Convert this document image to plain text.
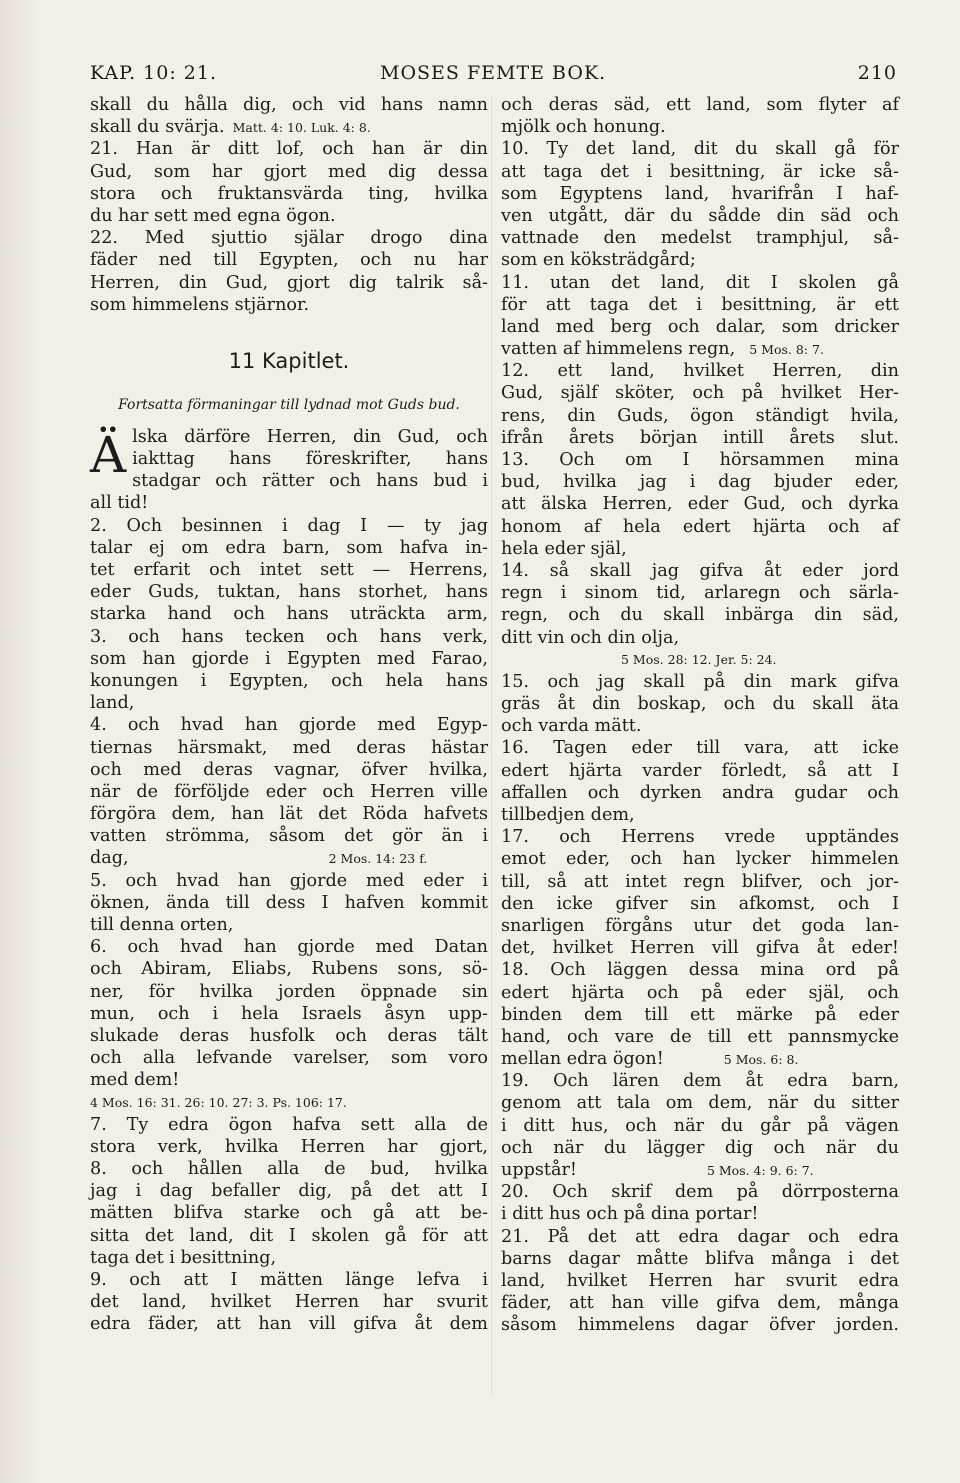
KAP. 10: 21.	MOSES FEMTE BOK.	210
skall du hålla dig, och vid hans namn
skall du svärja. Matt. 4: 10. Luk. 4: 8.
21. Han är ditt lof, och han är din
Gud, som har gjort med dig dessa
stora och fruktansvärda ting, hvilka
du har sett med egna ögon.
22. Med sjuttio själar drogo dina
fäder ned till Egypten, och nu har
Herren, din Gud, gjort dig talrik så-
som himmelens stjärnor.
11 Kapitlet.
Fortsatta förmaningar till lydnad mot Guds bud.
Ä lska därföre Herren, din Gud, och
iakttag hans föreskrifter, hans
stadgar och rätter och hans bud i
all tid!
2. Och besinnen i dag I — ty jag
talar ej om edra barn, som hafva in-
tet erfarit och intet sett — Herrens,
eder Guds, tuktan, hans storhet, hans
starka hand och hans uträckta arm,
3. och hans tecken och hans verk,
som han gjorde i Egypten med Farao,
konungen i Egypten, och hela hans
land,
4. och hvad han gjorde med Egyp-
tiernas härsmakt, med deras hästar
och med deras vagnar, öfver hvilka,
när de förföljde eder och Herren ville
förgöra dem, han lät det Röda hafvets
vatten strömma, såsom det gör än i
dag,	2 Mos. 14: 23 f.
5. och hvad han gjorde med eder i
öknen, ända till dess I hafven kommit
till denna orten,
6. och hvad han gjorde med Datan
och Abiram, Eliabs, Rubens sons, sö-
ner, för hvilka jorden öppnade sin
mun, och i hela Israels åsyn upp-
slukade deras husfolk och deras tält
och alla lefvande varelser, som voro
med dem!
4 Mos. 16: 31. 26: 10. 27: 3. Ps. 106: 17.
7. Ty edra ögon hafva sett alla de
stora verk, hvilka Herren har gjort,
8. och hållen alla de bud, hvilka
jag i dag befaller dig, på det att I
mätten blifva starke och gå att be-
sitta det land, dit I skolen gå för att
taga det i besittning,
9. och att I mätten länge lefva i
det land, hvilket Herren har svurit
edra fäder, att han vill gifva åt dem
och deras säd, ett land, som flyter af
mjölk och honung.
10. Ty det land, dit du skall gå för
att taga det i besittning, är icke så-
som Egyptens land, hvarifrån I haf-
ven utgått, där du sådde din säd och
vattnade den medelst tramphjul, så-
som en köksträdgård;
11. utan det land, dit I skolen gå
för att taga det i besittning, är ett
land med berg och dalar, som dricker
vatten af himmelens regn, 5 Mos. 8: 7.
12. ett land, hvilket Herren, din
Gud, själf sköter, och på hvilket Her-
rens, din Guds, ögon ständigt hvila,
ifrån årets början intill årets slut.
13. Och om I hörsammen mina
bud, hvilka jag i dag bjuder eder,
att älska Herren, eder Gud, och dyrka
honom af hela edert hjärta och af
hela eder själ,
14. så skall jag gifva åt eder jord
regn i sinom tid, arlaregn och särla-
regn, och du skall inbärga din säd,
ditt vin och din olja,
5 Mos. 28: 12. Jer. 5: 24.
15. och jag skall på din mark gifva
gräs åt din boskap, och du skall äta
och varda mätt.
16. Tagen eder till vara, att icke
edert hjärta varder förledt, så att I
affallen och dyrken andra gudar och
tillbedjen dem,
17. och Herrens vrede upptändes
emot eder, och han lycker himmelen
till, så att intet regn blifver, och jor-
den icke gifver sin afkomst, och I
snarligen förgåns utur det goda lan-
det, hvilket Herren vill gifva åt eder!
18. Och läggen dessa mina ord på
edert hjärta och på eder själ, och
binden dem till ett märke på eder
hand, och vare de till ett pannsmycke
mellan edra ögon!	5 Mos. 6: 8.
19. Och lären dem åt edra barn,
genom att tala om dem, när du sitter
i ditt hus, och när du går på vägen
och när du lägger dig och när du
uppstår!	5 Mos. 4: 9. 6: 7.
20. Och skrif dem på dörrposterna
i ditt hus och på dina portar!
21. På det att edra dagar och edra
barns dagar måtte blifva många i det
land, hvilket Herren har svurit edra
fäder, att han ville gifva dem, många
såsom himmelens dagar öfver jorden.
